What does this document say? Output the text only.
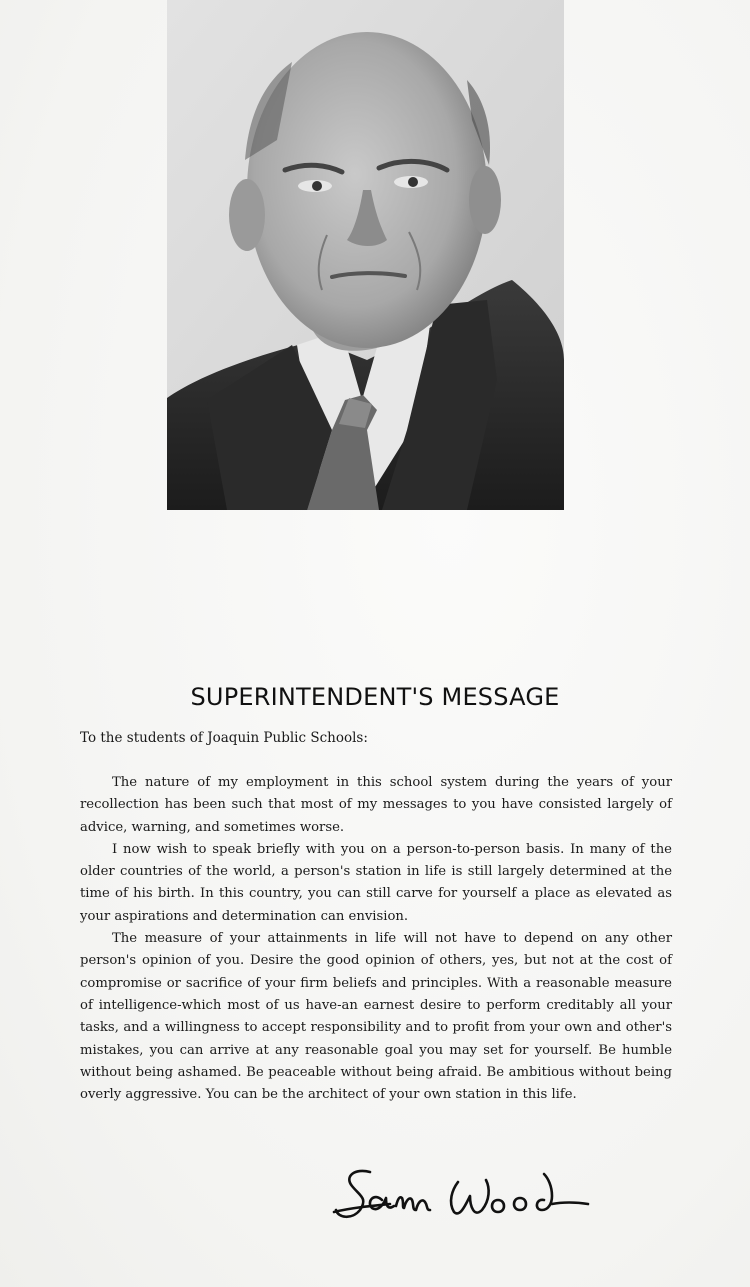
SUPERINTENDENT'S MESSAGE

To the students of Joaquin Public Schools:

The nature of my employment in this school system during the years of your recollection has been such that most of my messages to you have consisted largely of advice, warning, and sometimes worse.

I now wish to speak briefly with you on a person-to-person basis. In many of the older countries of the world, a person's station in life is still largely determined at the time of his birth. In this country, you can still carve for yourself a place as elevated as your aspirations and determination can envision.

The measure of your attainments in life will not have to depend on any other person's opinion of you. Desire the good opinion of others, yes, but not at the cost of compromise or sacrifice of your firm beliefs and principles. With a reasonable measure of intelligence-which most of us have-an earnest desire to perform creditably all your tasks, and a willingness to accept responsibility and to profit from your own and other's mistakes, you can arrive at any reasonable goal you may set for yourself. Be humble without being ashamed. Be peaceable without being afraid. Be ambitious without being overly aggressive. You can be the architect of your own station in this life.
